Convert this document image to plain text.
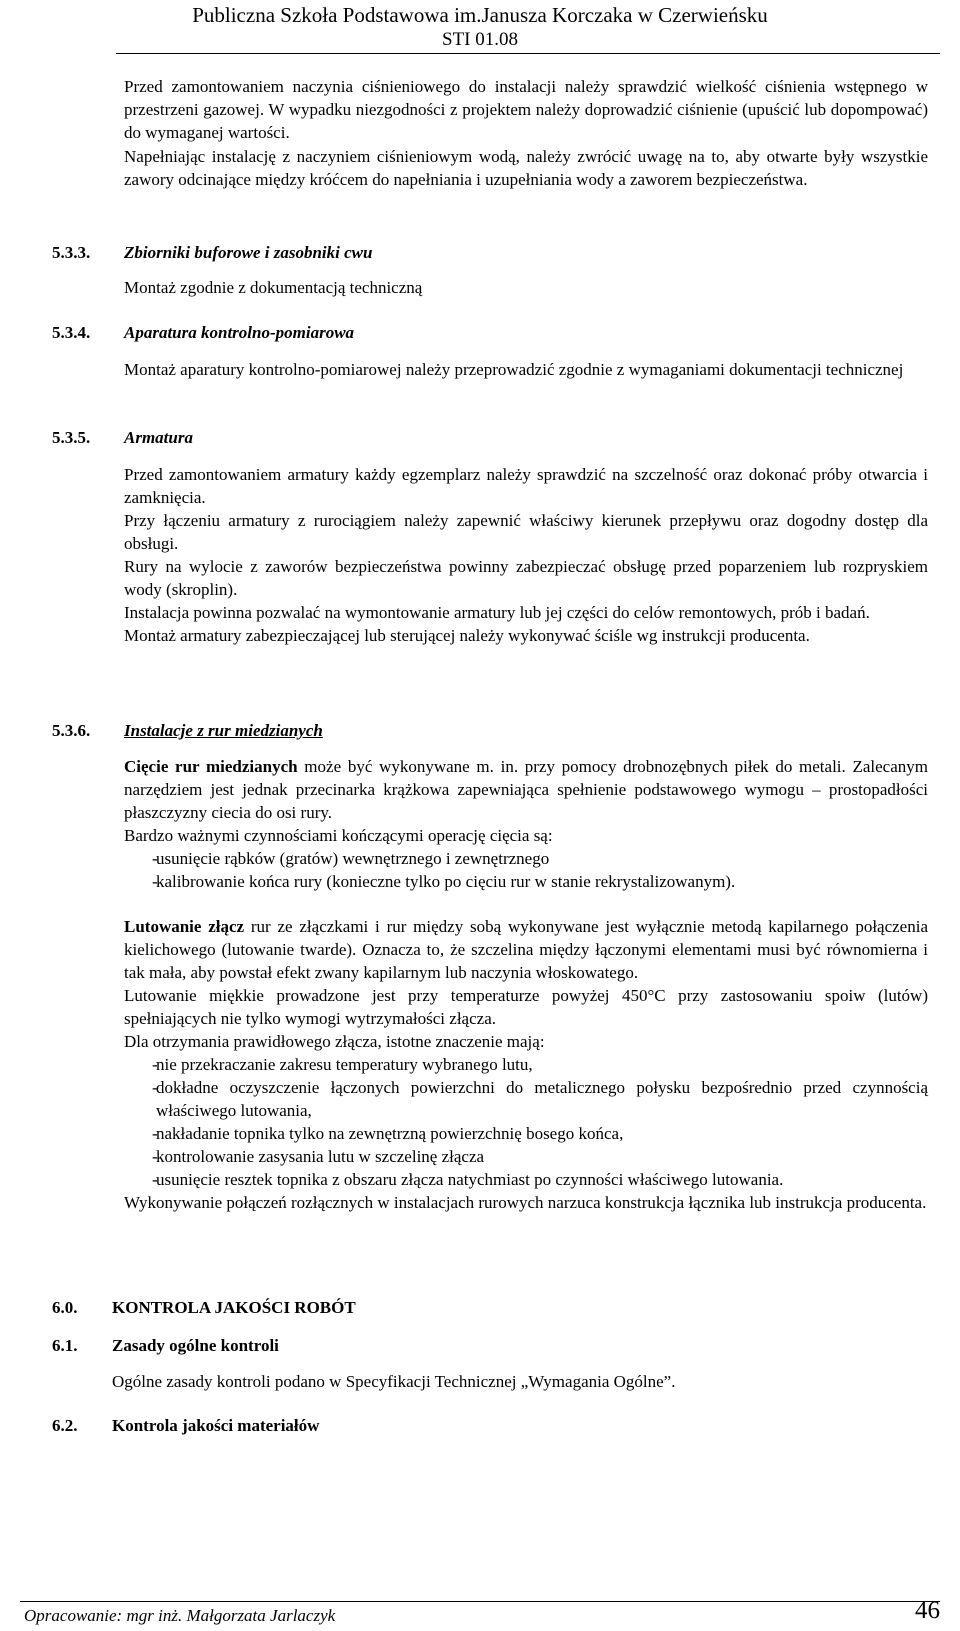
Publiczna Szkoła Podstawowa im.Janusza Korczaka w Czerwieńsku
STI 01.08

Przed zamontowaniem naczynia ciśnieniowego do instalacji należy sprawdzić wielkość ciśnienia wstępnego w przestrzeni gazowej. W wypadku niezgodności z projektem należy doprowadzić ciśnienie (upuścić lub dopompować) do wymaganej wartości.

Napełniając instalację z naczyniem ciśnieniowym wodą, należy zwrócić uwagę na to, aby otwarte były wszystkie zawory odcinające między króćcem do napełniania i uzupełniania wody a zaworem bezpieczeństwa.

5.3.3. Zbiorniki buforowe i zasobniki cwu
Montaż zgodnie z dokumentacją techniczną
5.3.4. Aparatura kontrolno-pomiarowa
Montaż aparatury kontrolno-pomiarowej należy przeprowadzić zgodnie z wymaganiami dokumentacji technicznej
5.3.5. Armatura

Przed zamontowaniem armatury każdy egzemplarz należy sprawdzić na szczelność oraz dokonać próby otwarcia i zamknięcia.

Przy łączeniu armatury z rurociągiem należy zapewnić właściwy kierunek przepływu oraz dogodny dostęp dla obsługi.

Rury na wylocie z zaworów bezpieczeństwa powinny zabezpieczać obsługę przed poparzeniem lub rozpryskiem wody (skroplin).

Instalacja powinna pozwalać na wymontowanie armatury lub jej części do celów remontowych, prób i badań.

Montaż armatury zabezpieczającej lub sterującej należy wykonywać ściśle wg instrukcji producenta.

5.3.6. Instalacje z rur miedzianych

Cięcie rur miedzianych może być wykonywane m. in. przy pomocy drobnozębnych piłek do metali. Zalecanym narzędziem jest jednak przecinarka krążkowa zapewniająca spełnienie podstawowego wymogu – prostopadłości płaszczyzny ciecia do osi rury.

Bardzo ważnymi czynnościami kończącymi operację cięcia są:

- usunięcie rąbków (gratów) wewnętrznego i zewnętrznego
- kalibrowanie końca rury (konieczne tylko po cięciu rur w stanie rekrystalizowanym).

Lutowanie złącz rur ze złączkami i rur między sobą wykonywane jest wyłącznie metodą kapilarnego połączenia kielichowego (lutowanie twarde). Oznacza to, że szczelina między łączonymi elementami musi być równomierna i tak mała, aby powstał efekt zwany kapilarnym lub naczynia włoskowatego.

Lutowanie miękkie prowadzone jest przy temperaturze powyżej 450°C przy zastosowaniu spoiw (lutów) spełniających nie tylko wymogi wytrzymałości złącza.

Dla otrzymania prawidłowego złącza, istotne znaczenie mają:

- nie przekraczanie zakresu temperatury wybranego lutu,
- dokładne oczyszczenie łączonych powierzchni do metalicznego połysku bezpośrednio przed czynnością właściwego lutowania,
- nakładanie topnika tylko na zewnętrzną powierzchnię bosego końca,
- kontrolowanie zasysania lutu w szczelinę złącza
- usunięcie resztek topnika z obszaru złącza natychmiast po czynności właściwego lutowania.

Wykonywanie połączeń rozłącznych w instalacjach rurowych narzuca konstrukcja łącznika lub instrukcja producenta.

6.0. KONTROLA JAKOŚCI ROBÓT
6.1. Zasady ogólne kontroli
Ogólne zasady kontroli podano w Specyfikacji Technicznej „Wymagania Ogólne”.
6.2. Kontrola jakości materiałów
Opracowanie: mgr inż. Małgorzata Jarlaczyk	46
